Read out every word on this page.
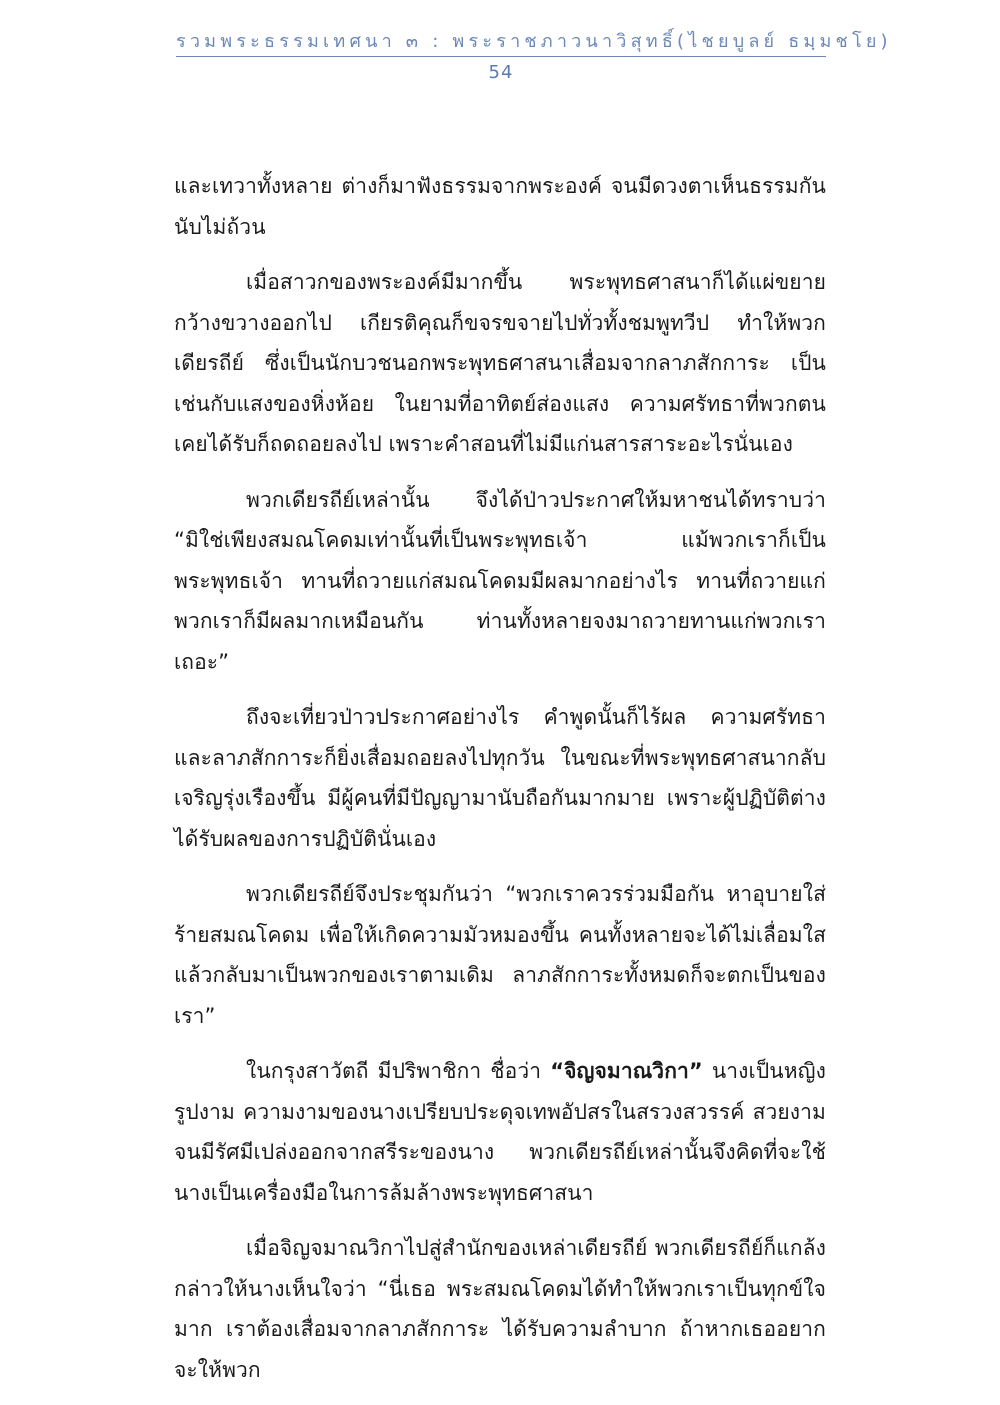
รวมพระธรรมเทศนา ๓ : พระราชภาวนาวิสุทธิ์(ไชยบูลย์ ธมฺมชโย)
54

และเทวาทั้งหลาย ต่างก็มาฟังธรรมจากพระองค์ จนมีดวงตาเห็นธรรมกันนับไม่ถ้วน

เมื่อสาวกของพระองค์มีมากขึ้น พระพุทธศาสนาก็ได้แผ่ขยายกว้างขวางออกไป เกียรติคุณก็ขจรขจายไปทั่วทั้งชมพูทวีป ทำให้พวกเดียรถีย์ ซึ่งเป็นนักบวชนอกพระพุทธศาสนาเสื่อมจากลาภสักการะ เป็นเช่นกับแสงของหิ่งห้อย ในยามที่อาทิตย์ส่องแสง ความศรัทธาที่พวกตนเคยได้รับก็ถดถอยลงไป เพราะคำสอนที่ไม่มีแก่นสารสาระอะไรนั่นเอง

พวกเดียรถีย์เหล่านั้น จึงได้ป่าวประกาศให้มหาชนได้ทราบว่า “มิใช่เพียงสมณโคดมเท่านั้นที่เป็นพระพุทธเจ้า แม้พวกเราก็เป็นพระพุทธเจ้า ทานที่ถวายแก่สมณโคดมมีผลมากอย่างไร ทานที่ถวายแก่พวกเราก็มีผลมากเหมือนกัน ท่านทั้งหลายจงมาถวายทานแก่พวกเราเถอะ”

ถึงจะเที่ยวป่าวประกาศอย่างไร คำพูดนั้นก็ไร้ผล ความศรัทธาและลาภสักการะก็ยิ่งเสื่อมถอยลงไปทุกวัน ในขณะที่พระพุทธศาสนากลับเจริญรุ่งเรืองขึ้น มีผู้คนที่มีปัญญามานับถือกันมากมาย เพราะผู้ปฏิบัติต่างได้รับผลของการปฏิบัตินั่นเอง

พวกเดียรถีย์จึงประชุมกันว่า “พวกเราควรร่วมมือกัน หาอุบายใส่ร้ายสมณโคดม เพื่อให้เกิดความมัวหมองขึ้น คนทั้งหลายจะได้ไม่เลื่อมใส แล้วกลับมาเป็นพวกของเราตามเดิม ลาภสักการะทั้งหมดก็จะตกเป็นของเรา”

ในกรุงสาวัตถี มีปริพาชิกา ชื่อว่า “จิญจมาณวิกา” นางเป็นหญิงรูปงาม ความงามของนางเปรียบประดุจเทพอัปสรในสรวงสวรรค์ สวยงามจนมีรัศมีเปล่งออกจากสรีระของนาง พวกเดียรถีย์เหล่านั้นจึงคิดที่จะใช้นางเป็นเครื่องมือในการล้มล้างพระพุทธศาสนา

เมื่อจิญจมาณวิกาไปสู่สำนักของเหล่าเดียรถีย์ พวกเดียรถีย์ก็แกล้งกล่าวให้นางเห็นใจว่า “นี่เธอ พระสมณโคดมได้ทำให้พวกเราเป็นทุกข์ใจมาก เราต้องเสื่อมจากลาภสักการะ ได้รับความลำบาก ถ้าหากเธออยากจะให้พวก
